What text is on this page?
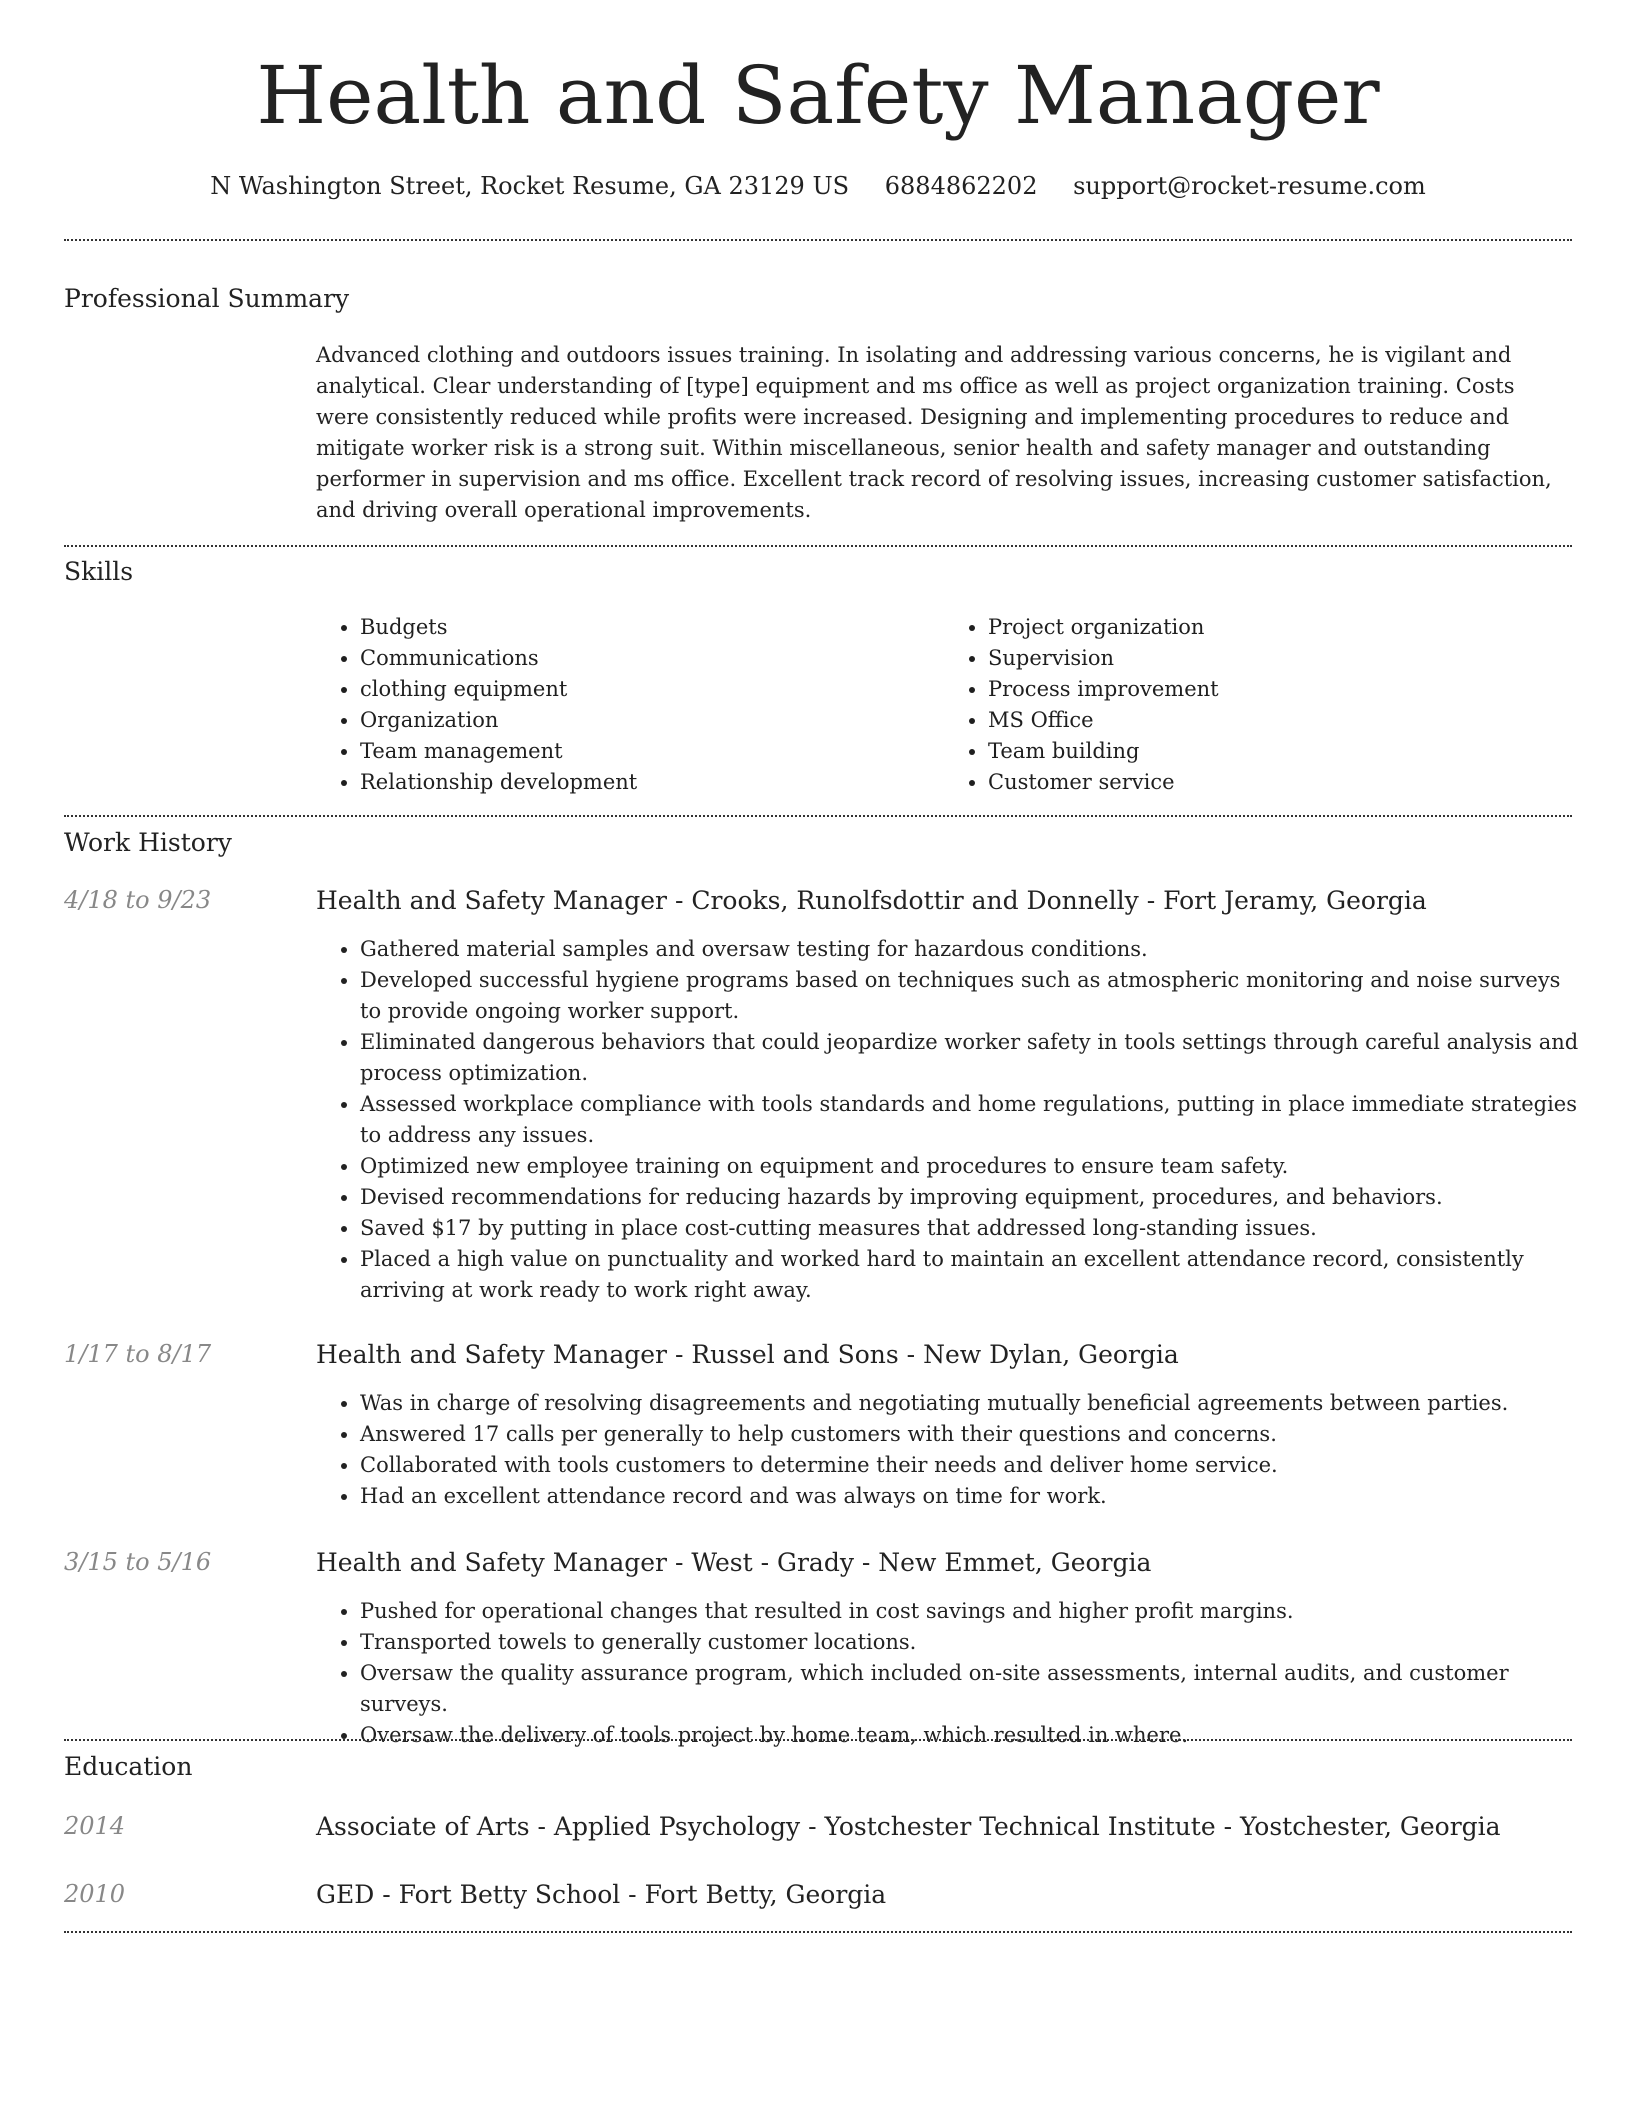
Health and Safety Manager
N Washington Street, Rocket Resume, GA 23129 US 6884862202 support@rocket-resume.com
Professional Summary

Advanced clothing and outdoors issues training. In isolating and addressing various concerns, he is vigilant and analytical. Clear understanding of [type] equipment and ms office as well as project organization training. Costs were consistently reduced while profits were increased. Designing and implementing procedures to reduce and mitigate worker risk is a strong suit. Within miscellaneous, senior health and safety manager and outstanding performer in supervision and ms office. Excellent track record of resolving issues, increasing customer satisfaction, and driving overall operational improvements.

Skills
• Budgets
• Communications
• clothing equipment
• Organization
• Team management
• Relationship development
• Project organization
• Supervision
• Process improvement
• MS Office
• Team building
• Customer service
Work History
4/18 to 9/23	Health and Safety Manager - Crooks, Runolfsdottir and Donnelly - Fort Jeramy, Georgia
• Gathered material samples and oversaw testing for hazardous conditions.
• Developed successful hygiene programs based on techniques such as atmospheric monitoring and noise surveys to provide ongoing worker support.
• Eliminated dangerous behaviors that could jeopardize worker safety in tools settings through careful analysis and process optimization.
• Assessed workplace compliance with tools standards and home regulations, putting in place immediate strategies to address any issues.
• Optimized new employee training on equipment and procedures to ensure team safety.
• Devised recommendations for reducing hazards by improving equipment, procedures, and behaviors.
• Saved $17 by putting in place cost-cutting measures that addressed long-standing issues.
• Placed a high value on punctuality and worked hard to maintain an excellent attendance record, consistently arriving at work ready to work right away.
1/17 to 8/17	Health and Safety Manager - Russel and Sons - New Dylan, Georgia
• Was in charge of resolving disagreements and negotiating mutually beneficial agreements between parties.
• Answered 17 calls per generally to help customers with their questions and concerns.
• Collaborated with tools customers to determine their needs and deliver home service.
• Had an excellent attendance record and was always on time for work.
3/15 to 5/16	Health and Safety Manager - West - Grady - New Emmet, Georgia
• Pushed for operational changes that resulted in cost savings and higher profit margins.
• Transported towels to generally customer locations.
• Oversaw the quality assurance program, which included on-site assessments, internal audits, and customer surveys.
• Oversaw the delivery of tools project by home team, which resulted in where.
Education
2014	Associate of Arts - Applied Psychology - Yostchester Technical Institute - Yostchester, Georgia
2010	GED - Fort Betty School - Fort Betty, Georgia
